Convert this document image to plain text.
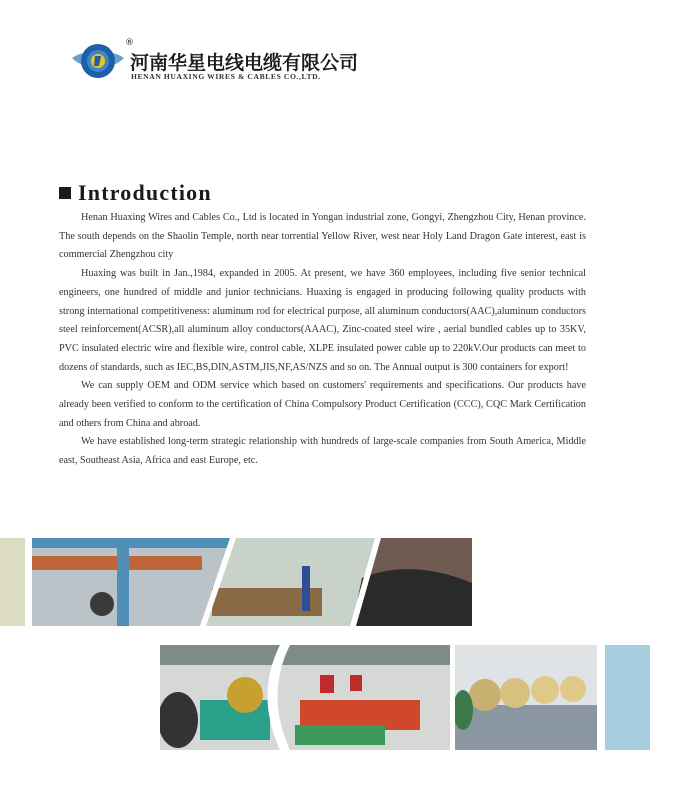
®
河南华星电线电缆有限公司
HENAN HUAXING WIRES & CABLES CO.,LTD.
Introduction

Henan Huaxing Wires and Cables Co., Ltd is located in Yongan industrial zone, Gongyi, Zhengzhou City, Henan province. The south depends on the Shaolin Temple, north near torrential Yellow River, west near Holy Land Dragon Gate interest, east is commercial Zhengzhou city

Huaxing was built in Jan.,1984, expanded in 2005. At present, we have 360 employees, including five senior technical engineers, one hundred of middle and junior technicians. Huaxing is engaged in producing following quality products with strong international competitiveness: aluminum rod for electrical purpose, all aluminum conductors(AAC),aluminum conductors steel reinforcement(ACSR),all aluminum alloy conductors(AAAC), Zinc-coated steel wire , aerial bundled cables up to 35KV, PVC insulated electric wire and flexible wire, control cable, XLPE insulated power cable up to 220kV.Our products can meet to dozens of standards, such as IEC,BS,DIN,ASTM,JIS,NF,AS/NZS and so on. The Annual output is 300 containers for export!

We can supply OEM and ODM service which based on customers' requirements and specifications. Our products have already been verified to conform to the certification of China Compulsory Product Certification (CCC), CQC Mark Certification and others from China and abroad.

We have established long-term strategic relationship with hundreds of large-scale companies from South America, Middle east, Southeast Asia, Africa and east Europe, etc.
